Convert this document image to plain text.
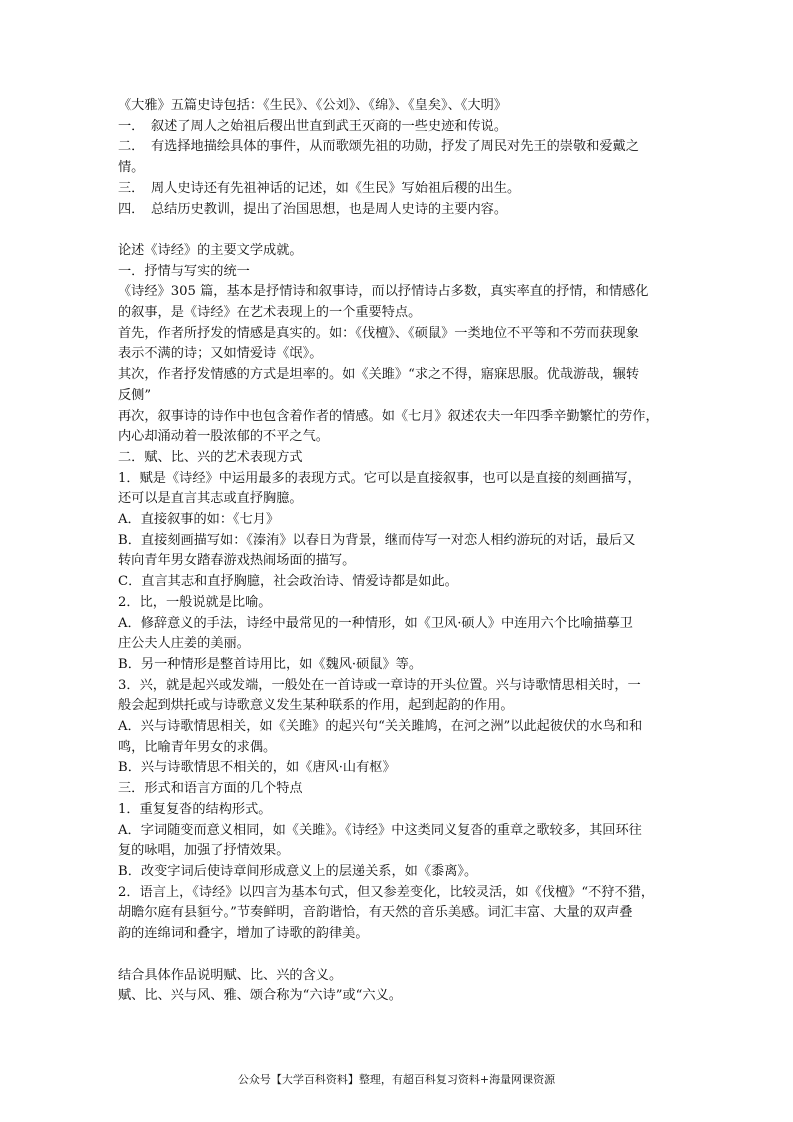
《大雅》五篇史诗包括：《生民》、《公刘》、《绵》、《皇矣》、《大明》
一．　叙述了周人之始祖后稷出世直到武王灭商的一些史迹和传说。
二．　有选择地描绘具体的事件，从而歌颂先祖的功勋，抒发了周民对先王的崇敬和爱戴之
情。
三．　周人史诗还有先祖神话的记述，如《生民》写始祖后稷的出生。
四．　总结历史教训，提出了治国思想，也是周人史诗的主要内容。
论述《诗经》的主要文学成就。
一．抒情与写实的统一
《诗经》305 篇，基本是抒情诗和叙事诗，而以抒情诗占多数，真实率直的抒情，和情感化
的叙事，是《诗经》在艺术表现上的一个重要特点。
首先，作者所抒发的情感是真实的。如：《伐檀》、《硕鼠》一类地位不平等和不劳而获现象
表示不满的诗；又如情爱诗《氓》。
其次，作者抒发情感的方式是坦率的。如《关雎》“求之不得，寤寐思服。优哉游哉，辗转
反侧”
再次，叙事诗的诗作中也包含着作者的情感。如《七月》叙述农夫一年四季辛勤繁忙的劳作，
内心却涌动着一股浓郁的不平之气。
二．赋、比、兴的艺术表现方式
1．赋是《诗经》中运用最多的表现方式。它可以是直接叙事，也可以是直接的刻画描写，
还可以是直言其志或直抒胸臆。
A．直接叙事的如：《七月》
B．直接刻画描写如：《溱洧》以春日为背景，继而侍写一对恋人相约游玩的对话，最后又
转向青年男女踏春游戏热闹场面的描写。
C．直言其志和直抒胸臆，社会政治诗、情爱诗都是如此。
2．比，一般说就是比喻。
A．修辞意义的手法，诗经中最常见的一种情形，如《卫风·硕人》中连用六个比喻描摹卫
庄公夫人庄姜的美丽。
B．另一种情形是整首诗用比，如《魏风·硕鼠》等。
3．兴，就是起兴或发端，一般处在一首诗或一章诗的开头位置。兴与诗歌情思相关时，一
般会起到烘托或与诗歌意义发生某种联系的作用，起到起韵的作用。
A．兴与诗歌情思相关，如《关雎》的起兴句“关关雎鸠，在河之洲”以此起彼伏的水鸟和和
鸣，比喻青年男女的求偶。
B．兴与诗歌情思不相关的，如《唐风·山有枢》
三．形式和语言方面的几个特点
1．重复复沓的结构形式。
A．字词随变而意义相同，如《关雎》。《诗经》中这类同义复沓的重章之歌较多，其回环往
复的咏唱，加强了抒情效果。
B．改变字词后使诗章间形成意义上的层递关系，如《黍离》。
2．语言上，《诗经》以四言为基本句式，但又参差变化，比较灵活，如《伐檀》“不狩不猎，
胡瞻尔庭有县貆兮。”节奏鲜明，音韵谐恰，有天然的音乐美感。词汇丰富、大量的双声叠
韵的连绵词和叠字，增加了诗歌的韵律美。
结合具体作品说明赋、比、兴的含义。
赋、比、兴与风、雅、颂合称为“六诗”或“六义。
公众号【大学百科资料】整理，有超百科复习资料+海量网课资源
